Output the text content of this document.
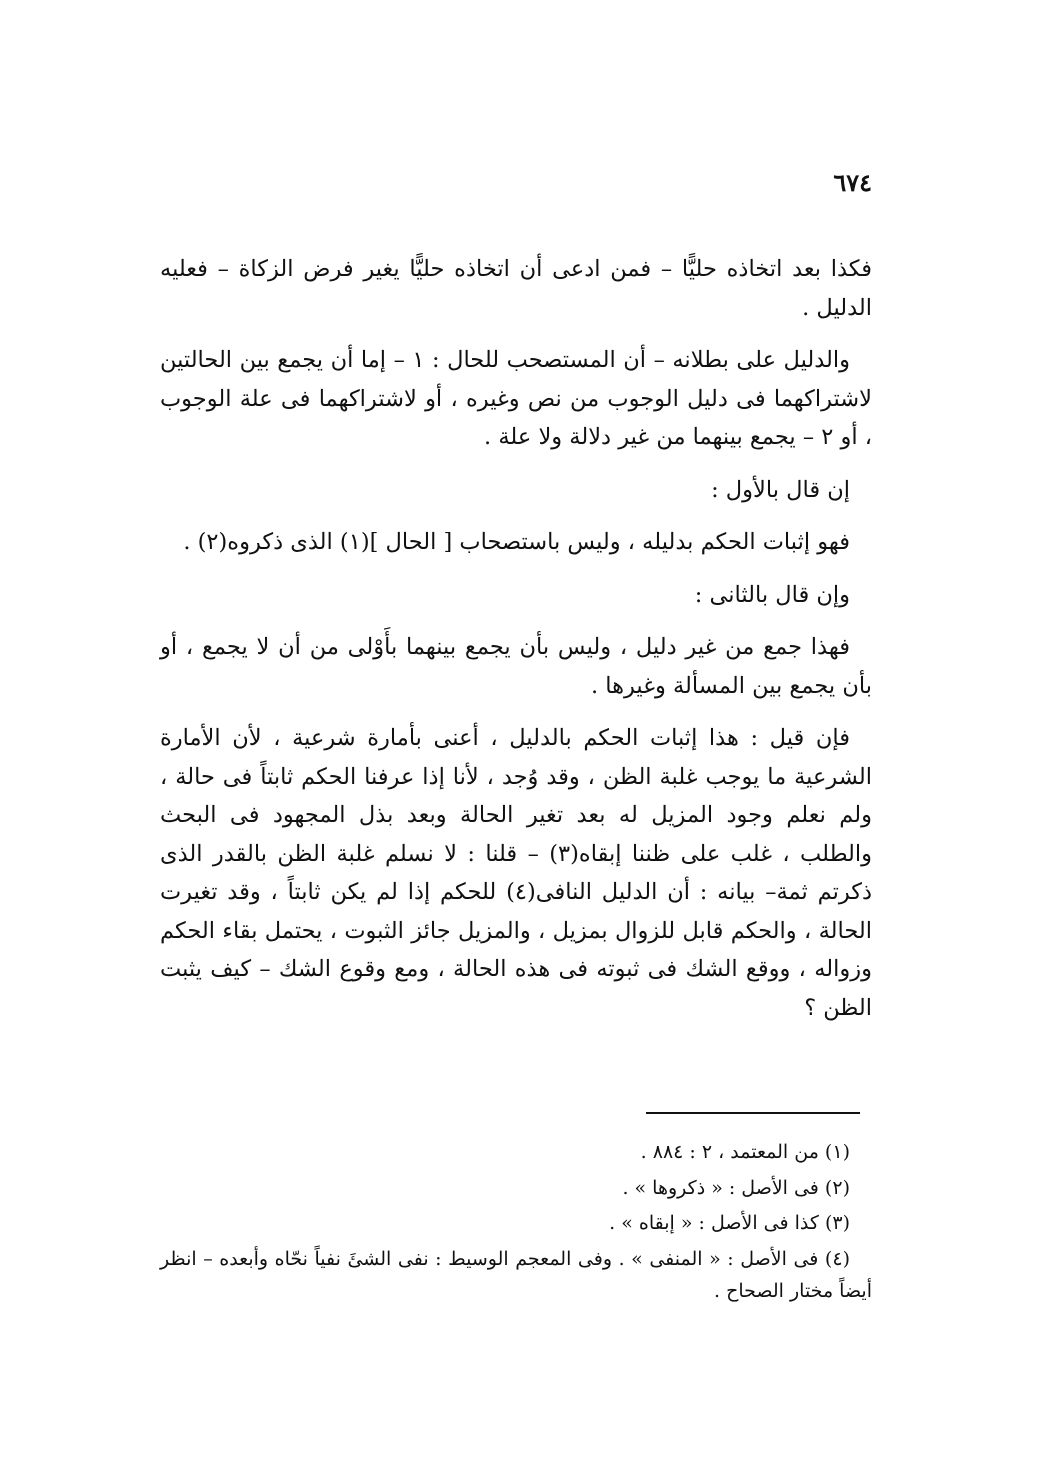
٦٧٤

فكذا بعد اتخاذه حليًّا – فمن ادعى أن اتخاذه حليًّا يغير فرض الزكاة – فعليه الدليل .

والدليل على بطلانه – أن المستصحب للحال : ١ – إما أن يجمع بين الحالتين لاشتراكهما فى دليل الوجوب من نص وغيره ، أو لاشتراكهما فى علة الوجوب ، أو ٢ – يجمع بينهما من غير دلالة ولا علة .

إن قال بالأول :

فهو إثبات الحكم بدليله ، وليس باستصحاب [ الحال ](١) الذى ذكروه(٢) .

وإن قال بالثانى :

فهذا جمع من غير دليل ، وليس بأن يجمع بينهما بأَوْلى من أن لا يجمع ، أو بأن يجمع بين المسألة وغيرها .

فإن قيل : هذا إثبات الحكم بالدليل ، أعنى بأمارة شرعية ، لأن الأمارة الشرعية ما يوجب غلبة الظن ، وقد وُجد ، لأنا إذا عرفنا الحكم ثابتاً فى حالة ، ولم نعلم وجود المزيل له بعد تغير الحالة وبعد بذل المجهود فى البحث والطلب ، غلب على ظننا إبقاه(٣) – قلنا : لا نسلم غلبة الظن بالقدر الذى ذكرتم ثمة– بيانه : أن الدليل النافى(٤) للحكم إذا لم يكن ثابتاً ، وقد تغيرت الحالة ، والحكم قابل للزوال بمزيل ، والمزيل جائز الثبوت ، يحتمل بقاء الحكم وزواله ، ووقع الشك فى ثبوته فى هذه الحالة ، ومع وقوع الشك – كيف يثبت الظن ؟

(١) من المعتمد ، ٢ : ٨٨٤ .

(٢) فى الأصل : « ذكروها » .

(٣) كذا فى الأصل : « إبقاه » .

(٤) فى الأصل : « المنفى » . وفى المعجم الوسيط : نفى الشئَ نفياً نحّاه وأبعده – انظر أيضاً مختار الصحاح .
